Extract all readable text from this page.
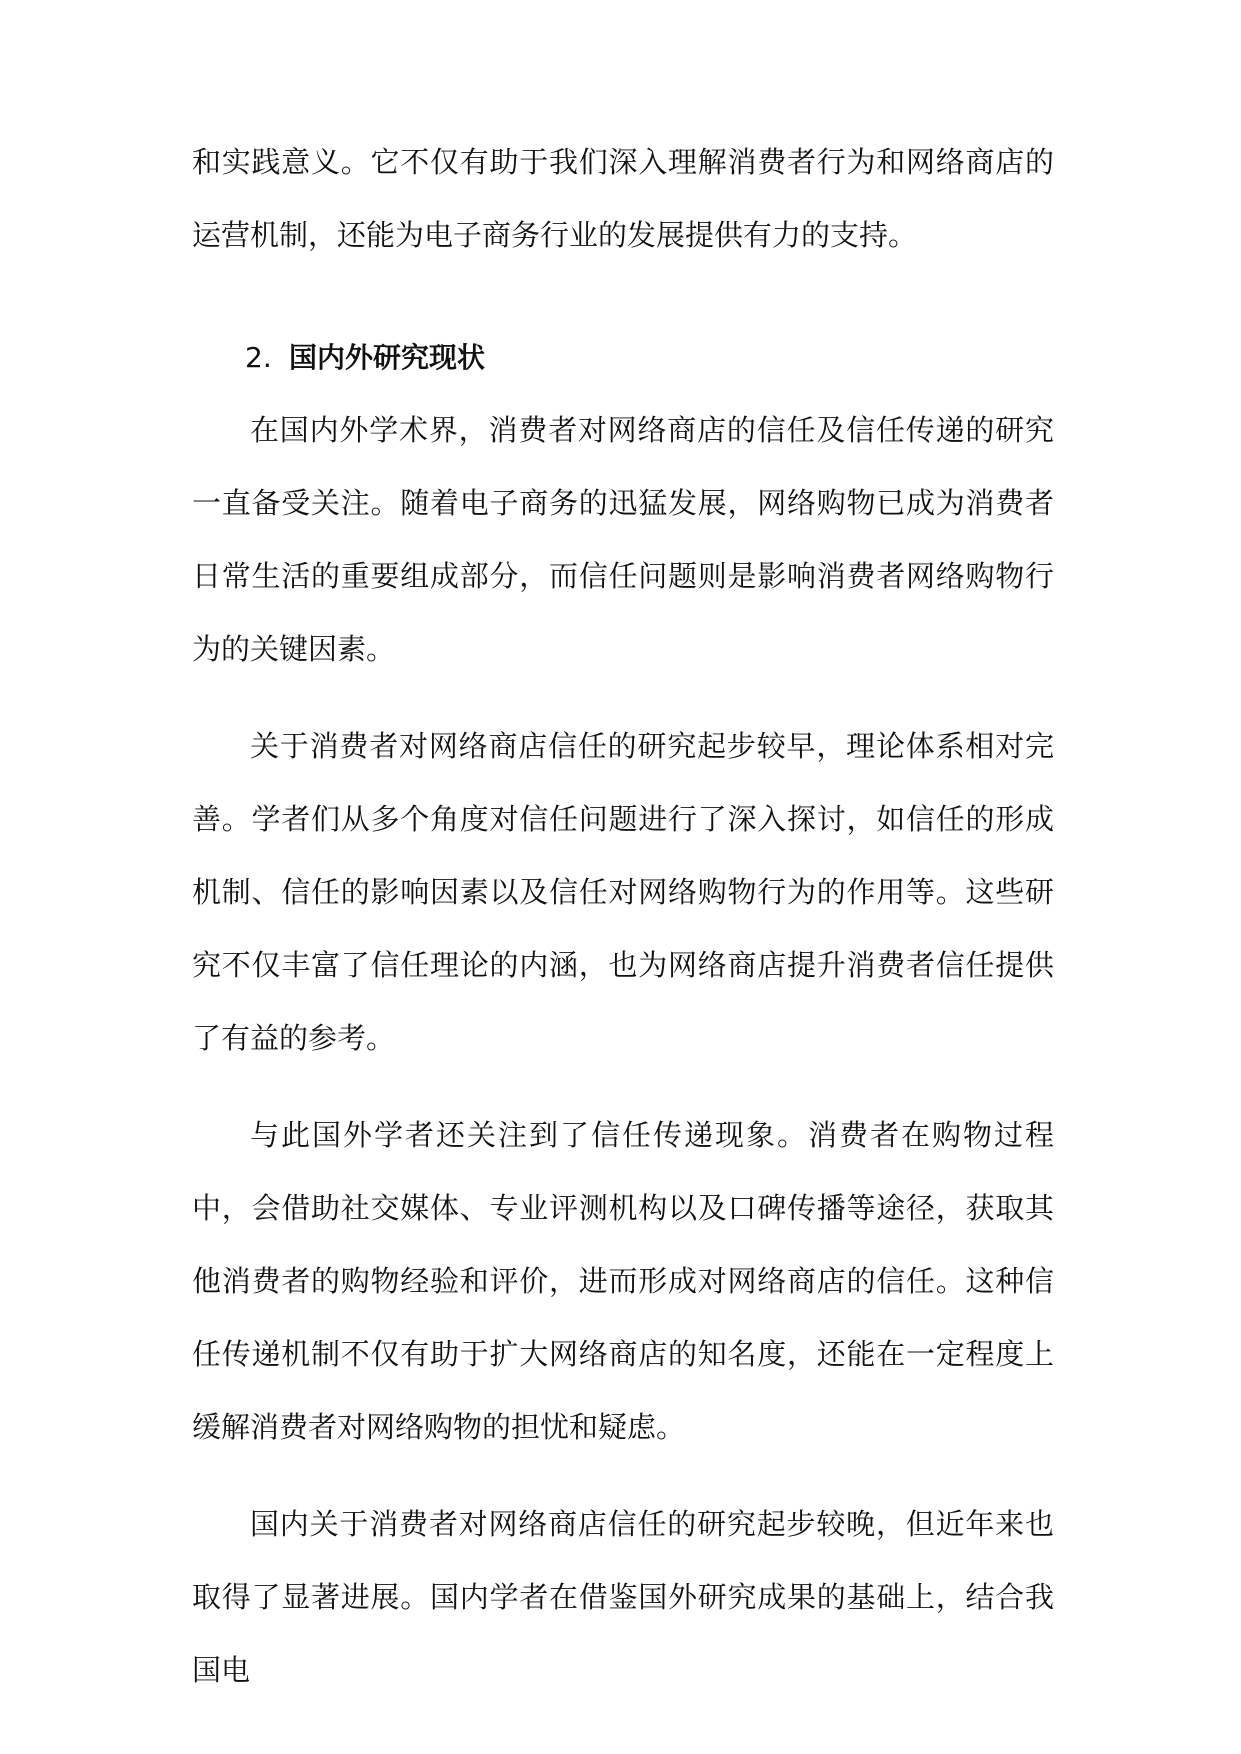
和实践意义。它不仅有助于我们深入理解消费者行为和网络商店的运营机制，还能为电子商务行业的发展提供有力的支持。

2. 国内外研究现状

在国内外学术界，消费者对网络商店的信任及信任传递的研究一直备受关注。随着电子商务的迅猛发展，网络购物已成为消费者日常生活的重要组成部分，而信任问题则是影响消费者网络购物行为的关键因素。

关于消费者对网络商店信任的研究起步较早，理论体系相对完善。学者们从多个角度对信任问题进行了深入探讨，如信任的形成机制、信任的影响因素以及信任对网络购物行为的作用等。这些研究不仅丰富了信任理论的内涵，也为网络商店提升消费者信任提供了有益的参考。

与此国外学者还关注到了信任传递现象。消费者在购物过程中，会借助社交媒体、专业评测机构以及口碑传播等途径，获取其他消费者的购物经验和评价，进而形成对网络商店的信任。这种信任传递机制不仅有助于扩大网络商店的知名度，还能在一定程度上缓解消费者对网络购物的担忧和疑虑。

国内关于消费者对网络商店信任的研究起步较晚，但近年来也取得了显著进展。国内学者在借鉴国外研究成果的基础上，结合我国电
